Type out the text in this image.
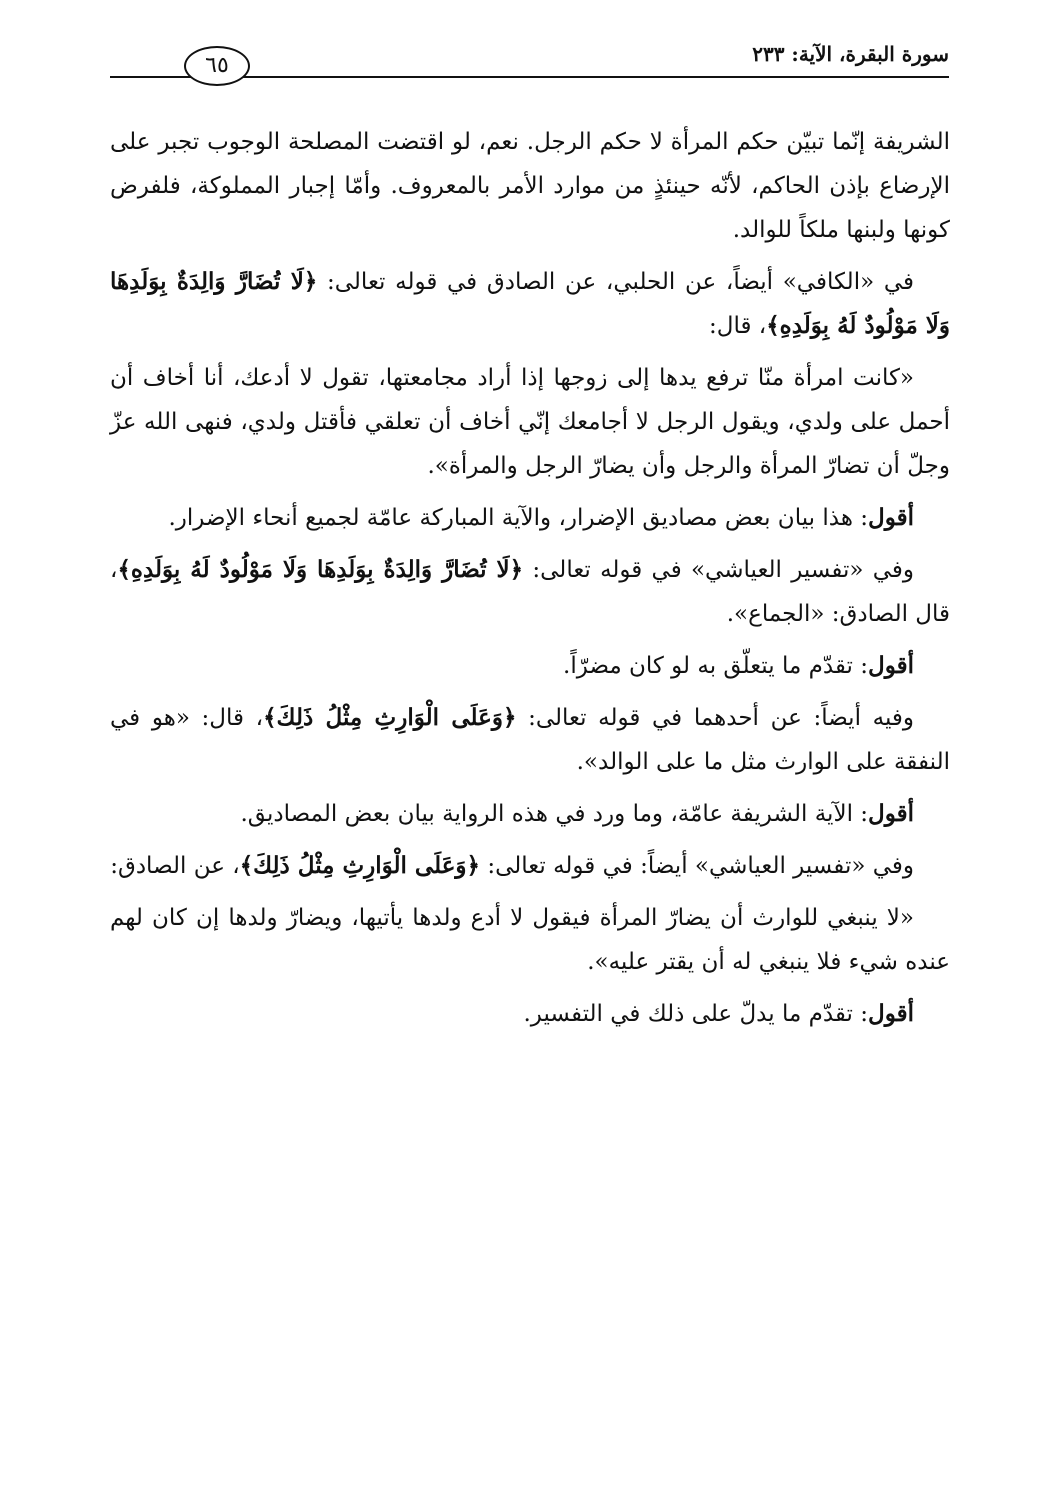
سورة البقرة، الآية: ٢٣٣
٦٥

الشريفة إنّما تبيّن حكم المرأة لا حكم الرجل. نعم، لو اقتضت المصلحة الوجوب تجبر على الإرضاع بإذن الحاكم، لأنّه حينئذٍ من موارد الأمر بالمعروف. وأمّا إجبار المملوكة، فلفرض كونها ولبنها ملكاً للوالد.

في «الكافي» أيضاً، عن الحلبي، عن الصادق في قوله تعالى: ﴿لَا تُضَارَّ وَالِدَةٌ بِوَلَدِهَا وَلَا مَوْلُودٌ لَهُ بِوَلَدِهِ﴾، قال:

«كانت امرأة منّا ترفع يدها إلى زوجها إذا أراد مجامعتها، تقول لا أدعك، أنا أخاف أن أحمل على ولدي، ويقول الرجل لا أجامعك إنّي أخاف أن تعلقي فأقتل ولدي، فنهى الله عزّ وجلّ أن تضارّ المرأة والرجل وأن يضارّ الرجل والمرأة».

أقول: هذا بيان بعض مصاديق الإضرار، والآية المباركة عامّة لجميع أنحاء الإضرار.

وفي «تفسير العياشي» في قوله تعالى: ﴿لَا تُضَارَّ وَالِدَةٌ بِوَلَدِهَا وَلَا مَوْلُودٌ لَهُ بِوَلَدِهِ﴾، قال الصادق: «الجماع».

أقول: تقدّم ما يتعلّق به لو كان مضرّاً.

وفيه أيضاً: عن أحدهما في قوله تعالى: ﴿وَعَلَى الْوَارِثِ مِثْلُ ذَلِكَ﴾، قال: «هو في النفقة على الوارث مثل ما على الوالد».

أقول: الآية الشريفة عامّة، وما ورد في هذه الرواية بيان بعض المصاديق.

وفي «تفسير العياشي» أيضاً: في قوله تعالى: ﴿وَعَلَى الْوَارِثِ مِثْلُ ذَلِكَ﴾، عن الصادق:

«لا ينبغي للوارث أن يضارّ المرأة فيقول لا أدع ولدها يأتيها، ويضارّ ولدها إن كان لهم عنده شيء فلا ينبغي له أن يقتر عليه».

أقول: تقدّم ما يدلّ على ذلك في التفسير.
